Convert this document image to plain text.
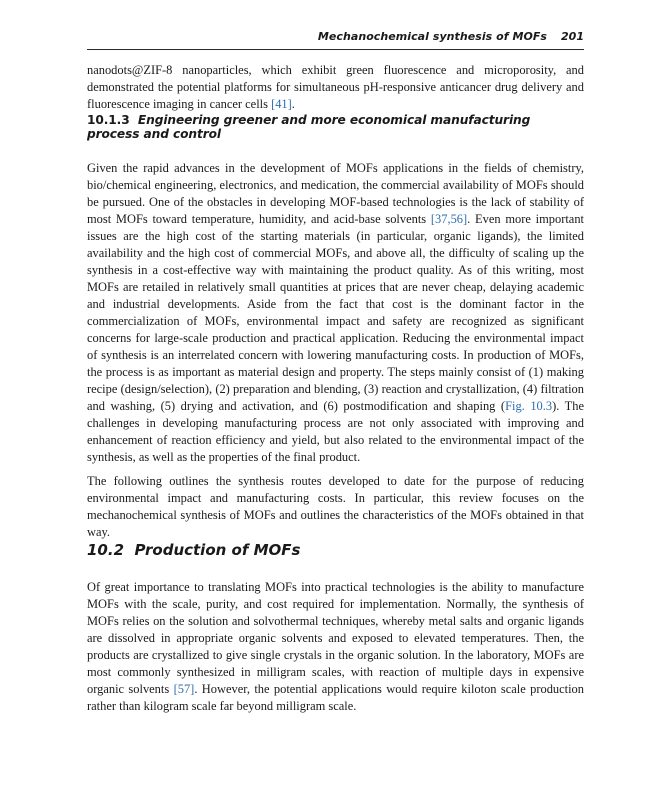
Mechanochemical synthesis of MOFs 201

nanodots@ZIF-8 nanoparticles, which exhibit green fluorescence and microporosity, and demonstrated the potential platforms for simultaneous pH-responsive anticancer drug delivery and fluorescence imaging in cancer cells [41].

10.1.3 Engineering greener and more economical manufacturing process and control

Given the rapid advances in the development of MOFs applications in the fields of chemistry, bio/chemical engineering, electronics, and medication, the commercial availability of MOFs should be pursued. One of the obstacles in developing MOF-based technologies is the lack of stability of most MOFs toward temperature, humidity, and acid-base solvents [37,56]. Even more important issues are the high cost of the starting materials (in particular, organic ligands), the limited availability and the high cost of commercial MOFs, and above all, the difficulty of scaling up the synthesis in a cost-effective way with maintaining the product quality. As of this writing, most MOFs are retailed in relatively small quantities at prices that are never cheap, delaying academic and industrial developments. Aside from the fact that cost is the dominant factor in the commercialization of MOFs, environmental impact and safety are recognized as significant concerns for large-scale production and practical application. Reducing the environmental impact of synthesis is an interrelated concern with lowering manufacturing costs. In production of MOFs, the process is as important as material design and property. The steps mainly consist of (1) making recipe (design/selection), (2) preparation and blending, (3) reaction and crystallization, (4) filtration and washing, (5) drying and activation, and (6) postmodification and shaping (Fig. 10.3). The challenges in developing manufacturing process are not only associated with improving and enhancement of reaction efficiency and yield, but also related to the environmental impact of the synthesis, as well as the properties of the final product.

The following outlines the synthesis routes developed to date for the purpose of reducing environmental impact and manufacturing costs. In particular, this review focuses on the mechanochemical synthesis of MOFs and outlines the characteristics of the MOFs obtained in that way.

10.2 Production of MOFs

Of great importance to translating MOFs into practical technologies is the ability to manufacture MOFs with the scale, purity, and cost required for implementation. Normally, the synthesis of MOFs relies on the solution and solvothermal techniques, whereby metal salts and organic ligands are dissolved in appropriate organic solvents and exposed to elevated temperatures. Then, the products are crystallized to give single crystals in the organic solution. In the laboratory, MOFs are most commonly synthesized in milligram scales, with reaction of multiple days in expensive organic solvents [57]. However, the potential applications would require kiloton scale production rather than kilogram scale far beyond milligram scale.
